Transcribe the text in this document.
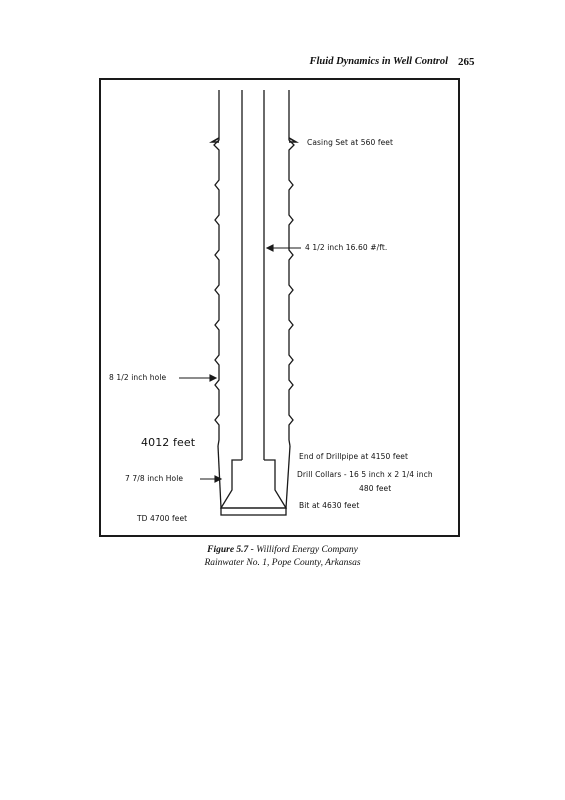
Fluid Dynamics in Well Control 265
Casing Set at 560 feet
4 1/2 inch 16.60 #/ft.
8 1/2 inch hole
4012 feet
End of Drillpipe at 4150 feet
Drill Collars - 16 5 inch x 2 1/4 inch
480 feet
7 7/8 inch Hole
Bit at 4630 feet
TD 4700 feet
Figure 5.7 - Williford Energy Company
Rainwater No. 1, Pope County, Arkansas
